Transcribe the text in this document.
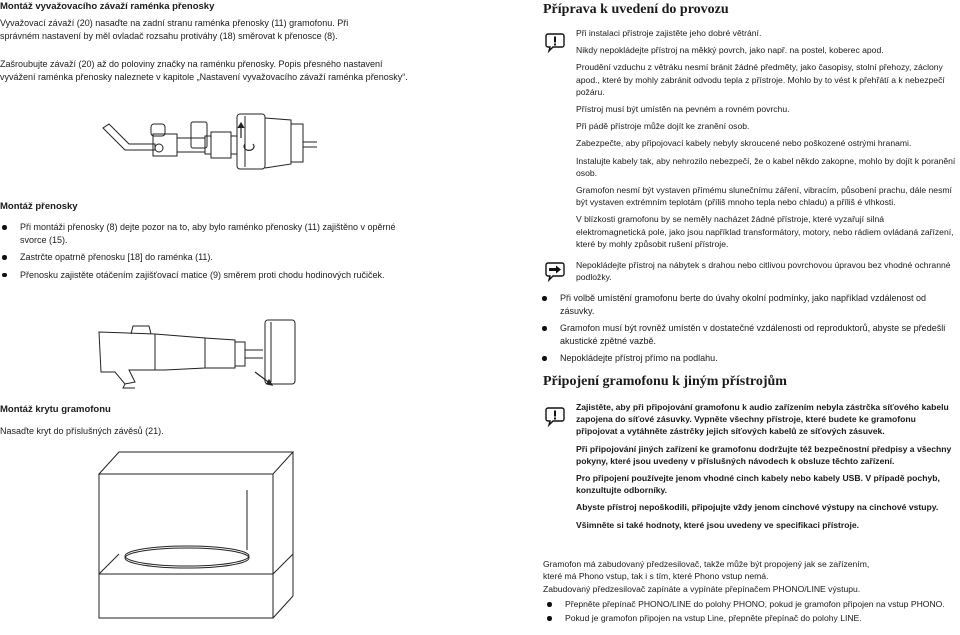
Montáž vyvažovacího závaží raménka přenosky
Vyvažovací závaží (20) nasaďte na zadní stranu raménka přenosky (11) gramofonu. Při správném nastavení by měl ovladač rozsahu protiváhy (18) směrovat k přenosce (8).
Zašroubujte závaží (20) až do poloviny značky na raménku přenosky. Popis přesného nastavení vyvážení raménka přenosky naleznete v kapitole „Nastavení vyvažovacího závaží raménka přenosky“.
Montáž přenosky
Při montáži přenosky (8) dejte pozor na to, aby bylo raménko přenosky (11) zajištěno v opěrné svorce (15).
Zastrčte opatrně přenosku [18] do raménka (11).
Přenosku zajistěte otáčením zajišťovací matice (9) směrem proti chodu hodinových ručiček.
Montáž krytu gramofonu
Nasaďte kryt do příslušných závěsů (21).
Příprava k uvedení do provozu
Při instalaci přístroje zajistěte jeho dobré větrání.
Nikdy nepokládejte přístroj na měkký povrch, jako např. na postel, koberec apod.
Proudění vzduchu z větráku nesmí bránit žádné předměty, jako časopisy, stolní přehozy, záclony apod., které by mohly zabránit odvodu tepla z přístroje. Mohlo by to vést k přehřátí a k nebezpečí požáru.
Přístroj musí být umístěn na pevném a rovném povrchu.
Při pádě přístroje může dojít ke zranění osob.
Zabezpečte, aby připojovací kabely nebyly skroucené nebo poškozené ostrými hranami.
Instalujte kabely tak, aby nehrozilo nebezpečí, že o kabel někdo zakopne, mohlo by dojít k poranění osob.
Gramofon nesmí být vystaven přímému slunečnímu záření, vibracím, působení prachu, dále nesmí být vystaven extrémním teplotám (příliš mnoho tepla nebo chladu) a příliš é vlhkosti.
V blízkosti gramofonu by se neměly nacházet žádné přístroje, které vyzařují silná elektromagnetická pole, jako jsou například transformátory, motory, nebo rádiem ovládaná zařízení, které by mohly způsobit rušení přístroje.
Nepokládejte přístroj na nábytek s drahou nebo citlivou povrchovou úpravou bez vhodné ochranné podložky.
Při volbě umístění gramofonu berte do úvahy okolní podmínky, jako například vzdálenost od zásuvky.
Gramofon musí být rovněž umístěn v dostatečné vzdálenosti od reproduktorů, abyste se předešli akustické zpětné vazbě.
Nepokládejte přístroj přímo na podlahu.
Připojení gramofonu k jiným přístrojům
Zajistěte, aby při připojování gramofonu k audio zařízením nebyla zástrčka síťového kabelu zapojena do síťové zásuvky. Vypněte všechny přístroje, které budete ke gramofonu připojovat a vytáhněte zástrčky jejich síťových kabelů ze síťových zásuvek.
Při připojování jiných zařízení ke gramofonu dodržujte též bezpečnostní předpisy a všechny pokyny, které jsou uvedeny v příslušných návodech k obsluze těchto zařízení.
Pro připojení používejte jenom vhodné cinch kabely nebo kabely USB. V případě pochyb, konzultujte odborníky.
Abyste přístroj nepoškodili, připojujte vždy jenom cinchové výstupy na cinchové vstupy.
Všimněte si také hodnoty, které jsou uvedeny ve specifikaci přístroje.
Gramofon má zabudovaný předzesilovač, takže může být propojený jak se zařízením, které má Phono vstup, tak i s tím, které Phono vstup nemá.
Zabudovaný předzesilovač zapínáte a vypínáte přepínačem PHONO/LINE výstupu.
Přepněte přepínač PHONO/LINE do polohy PHONO, pokud je gramofon připojen na vstup PHONO.
Pokud je gramofon připojen na vstup Line, přepněte přepínač do polohy LINE.
